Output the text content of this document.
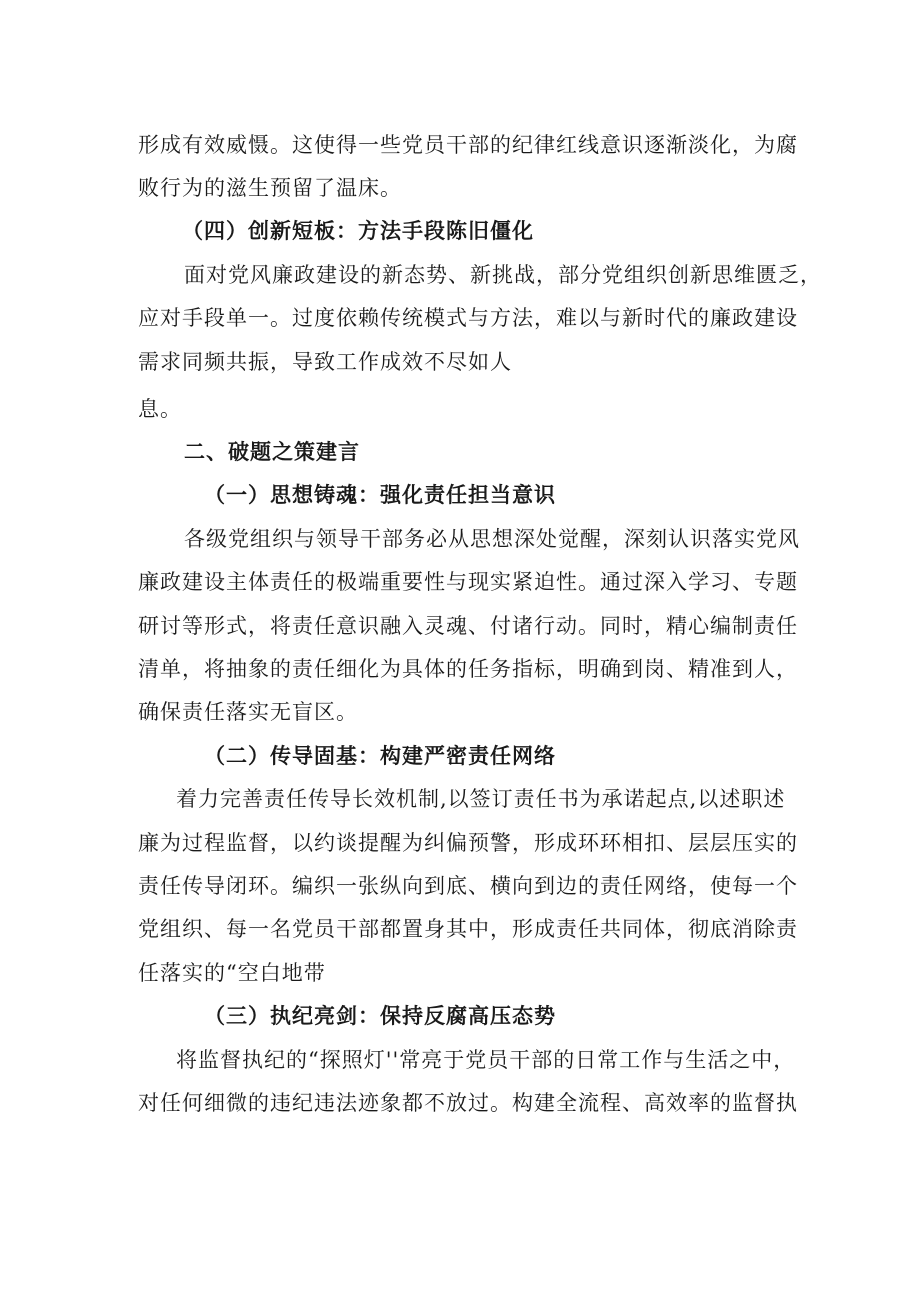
形成有效威慑。这使得一些党员干部的纪律红线意识逐渐淡化，为腐
败行为的滋生预留了温床。
（四）创新短板：方法手段陈旧僵化
面对党风廉政建设的新态势、新挑战，部分党组织创新思维匮乏，
应对手段单一。过度依赖传统模式与方法，难以与新时代的廉政建设
需求同频共振，导致工作成效不尽如人
息。
二、破题之策建言
（一）思想铸魂：强化责任担当意识
各级党组织与领导干部务必从思想深处觉醒，深刻认识落实党风
廉政建设主体责任的极端重要性与现实紧迫性。通过深入学习、专题
研讨等形式，将责任意识融入灵魂、付诸行动。同时，精心编制责任
清单，将抽象的责任细化为具体的任务指标，明确到岗、精准到人，
确保责任落实无盲区。
（二）传导固基：构建严密责任网络
着力完善责任传导长效机制,以签订责任书为承诺起点,以述职述
廉为过程监督，以约谈提醒为纠偏预警，形成环环相扣、层层压实的
责任传导闭环。编织一张纵向到底、横向到边的责任网络，使每一个
党组织、每一名党员干部都置身其中，形成责任共同体，彻底消除责
任落实的“空白地带
（三）执纪亮剑：保持反腐高压态势
将监督执纪的“探照灯''常亮于党员干部的日常工作与生活之中，
对任何细微的违纪违法迹象都不放过。构建全流程、高效率的监督执
